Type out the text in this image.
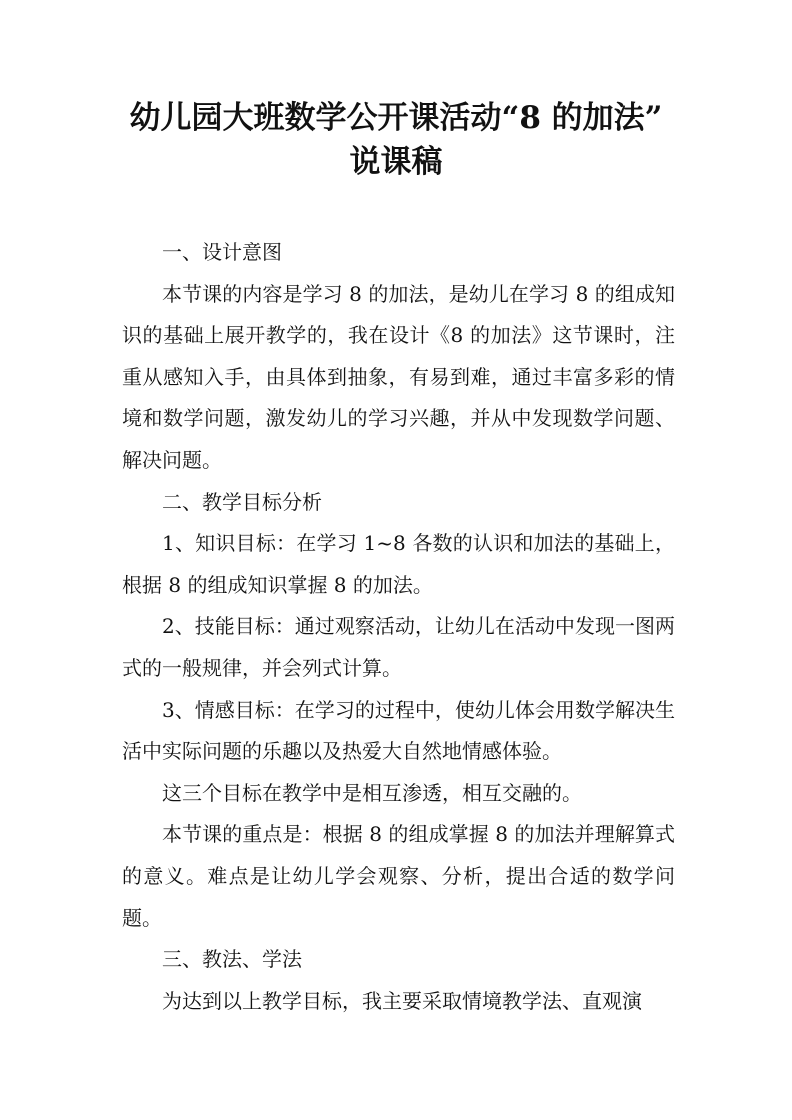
幼儿园大班数学公开课活动“8 的加法”
说课稿

一、设计意图

本节课的内容是学习 8 的加法，是幼儿在学习 8 的组成知识的基础上展开教学的，我在设计《8 的加法》这节课时，注重从感知入手，由具体到抽象，有易到难，通过丰富多彩的情境和数学问题，激发幼儿的学习兴趣，并从中发现数学问题、解决问题。

二、教学目标分析

1、知识目标：在学习 1~8 各数的认识和加法的基础上，根据 8 的组成知识掌握 8 的加法。

2、技能目标：通过观察活动，让幼儿在活动中发现一图两式的一般规律，并会列式计算。

3、情感目标：在学习的过程中，使幼儿体会用数学解决生活中实际问题的乐趣以及热爱大自然地情感体验。

这三个目标在教学中是相互渗透，相互交融的。

本节课的重点是：根据 8 的组成掌握 8 的加法并理解算式的意义。难点是让幼儿学会观察、分析，提出合适的数学问题。

三、教法、学法

为达到以上教学目标，我主要采取情境教学法、直观演
